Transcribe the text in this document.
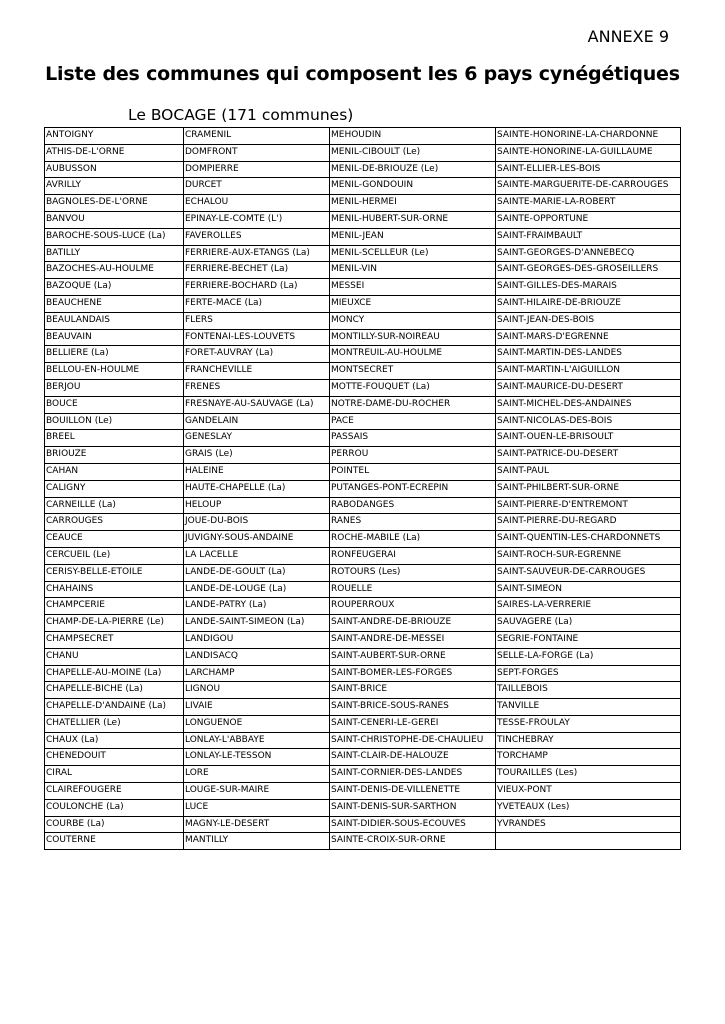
ANNEXE 9
Liste des communes qui composent les 6 pays cynégétiques
Le BOCAGE (171 communes)
ANTOIGNY	CRAMENIL	MEHOUDIN	SAINTE-HONORINE-LA-CHARDONNE
ATHIS-DE-L'ORNE	DOMFRONT	MENIL-CIBOULT (Le)	SAINTE-HONORINE-LA-GUILLAUME
AUBUSSON	DOMPIERRE	MENIL-DE-BRIOUZE (Le)	SAINT-ELLIER-LES-BOIS
AVRILLY	DURCET	MENIL-GONDOUIN	SAINTE-MARGUERITE-DE-CARROUGES
BAGNOLES-DE-L'ORNE	ECHALOU	MENIL-HERMEI	SAINTE-MARIE-LA-ROBERT
BANVOU	EPINAY-LE-COMTE (L')	MENIL-HUBERT-SUR-ORNE	SAINTE-OPPORTUNE
BAROCHE-SOUS-LUCE (La)	FAVEROLLES	MENIL-JEAN	SAINT-FRAIMBAULT
BATILLY	FERRIERE-AUX-ETANGS (La)	MENIL-SCELLEUR (Le)	SAINT-GEORGES-D'ANNEBECQ
BAZOCHES-AU-HOULME	FERRIERE-BECHET (La)	MENIL-VIN	SAINT-GEORGES-DES-GROSEILLERS
BAZOQUE (La)	FERRIERE-BOCHARD (La)	MESSEI	SAINT-GILLES-DES-MARAIS
BEAUCHENE	FERTE-MACE (La)	MIEUXCE	SAINT-HILAIRE-DE-BRIOUZE
BEAULANDAIS	FLERS	MONCY	SAINT-JEAN-DES-BOIS
BEAUVAIN	FONTENAI-LES-LOUVETS	MONTILLY-SUR-NOIREAU	SAINT-MARS-D'EGRENNE
BELLIERE (La)	FORET-AUVRAY (La)	MONTREUIL-AU-HOULME	SAINT-MARTIN-DES-LANDES
BELLOU-EN-HOULME	FRANCHEVILLE	MONTSECRET	SAINT-MARTIN-L'AIGUILLON
BERJOU	FRENES	MOTTE-FOUQUET (La)	SAINT-MAURICE-DU-DESERT
BOUCE	FRESNAYE-AU-SAUVAGE (La)	NOTRE-DAME-DU-ROCHER	SAINT-MICHEL-DES-ANDAINES
BOUILLON (Le)	GANDELAIN	PACE	SAINT-NICOLAS-DES-BOIS
BREEL	GENESLAY	PASSAIS	SAINT-OUEN-LE-BRISOULT
BRIOUZE	GRAIS (Le)	PERROU	SAINT-PATRICE-DU-DESERT
CAHAN	HALEINE	POINTEL	SAINT-PAUL
CALIGNY	HAUTE-CHAPELLE (La)	PUTANGES-PONT-ECREPIN	SAINT-PHILBERT-SUR-ORNE
CARNEILLE (La)	HELOUP	RABODANGES	SAINT-PIERRE-D'ENTREMONT
CARROUGES	JOUE-DU-BOIS	RANES	SAINT-PIERRE-DU-REGARD
CEAUCE	JUVIGNY-SOUS-ANDAINE	ROCHE-MABILE (La)	SAINT-QUENTIN-LES-CHARDONNETS
CERCUEIL (Le)	LA LACELLE	RONFEUGERAI	SAINT-ROCH-SUR-EGRENNE
CERISY-BELLE-ETOILE	LANDE-DE-GOULT (La)	ROTOURS (Les)	SAINT-SAUVEUR-DE-CARROUGES
CHAHAINS	LANDE-DE-LOUGE (La)	ROUELLE	SAINT-SIMEON
CHAMPCERIE	LANDE-PATRY (La)	ROUPERROUX	SAIRES-LA-VERRERIE
CHAMP-DE-LA-PIERRE (Le)	LANDE-SAINT-SIMEON (La)	SAINT-ANDRE-DE-BRIOUZE	SAUVAGERE (La)
CHAMPSECRET	LANDIGOU	SAINT-ANDRE-DE-MESSEI	SEGRIE-FONTAINE
CHANU	LANDISACQ	SAINT-AUBERT-SUR-ORNE	SELLE-LA-FORGE (La)
CHAPELLE-AU-MOINE (La)	LARCHAMP	SAINT-BOMER-LES-FORGES	SEPT-FORGES
CHAPELLE-BICHE (La)	LIGNOU	SAINT-BRICE	TAILLEBOIS
CHAPELLE-D'ANDAINE (La)	LIVAIE	SAINT-BRICE-SOUS-RANES	TANVILLE
CHATELLIER (Le)	LONGUENOE	SAINT-CENERI-LE-GEREI	TESSE-FROULAY
CHAUX (La)	LONLAY-L'ABBAYE	SAINT-CHRISTOPHE-DE-CHAULIEU	TINCHEBRAY
CHENEDOUIT	LONLAY-LE-TESSON	SAINT-CLAIR-DE-HALOUZE	TORCHAMP
CIRAL	LORE	SAINT-CORNIER-DES-LANDES	TOURAILLES (Les)
CLAIREFOUGERE	LOUGE-SUR-MAIRE	SAINT-DENIS-DE-VILLENETTE	VIEUX-PONT
COULONCHE (La)	LUCE	SAINT-DENIS-SUR-SARTHON	YVETEAUX (Les)
COURBE (La)	MAGNY-LE-DESERT	SAINT-DIDIER-SOUS-ECOUVES	YVRANDES
COUTERNE	MANTILLY	SAINTE-CROIX-SUR-ORNE	
